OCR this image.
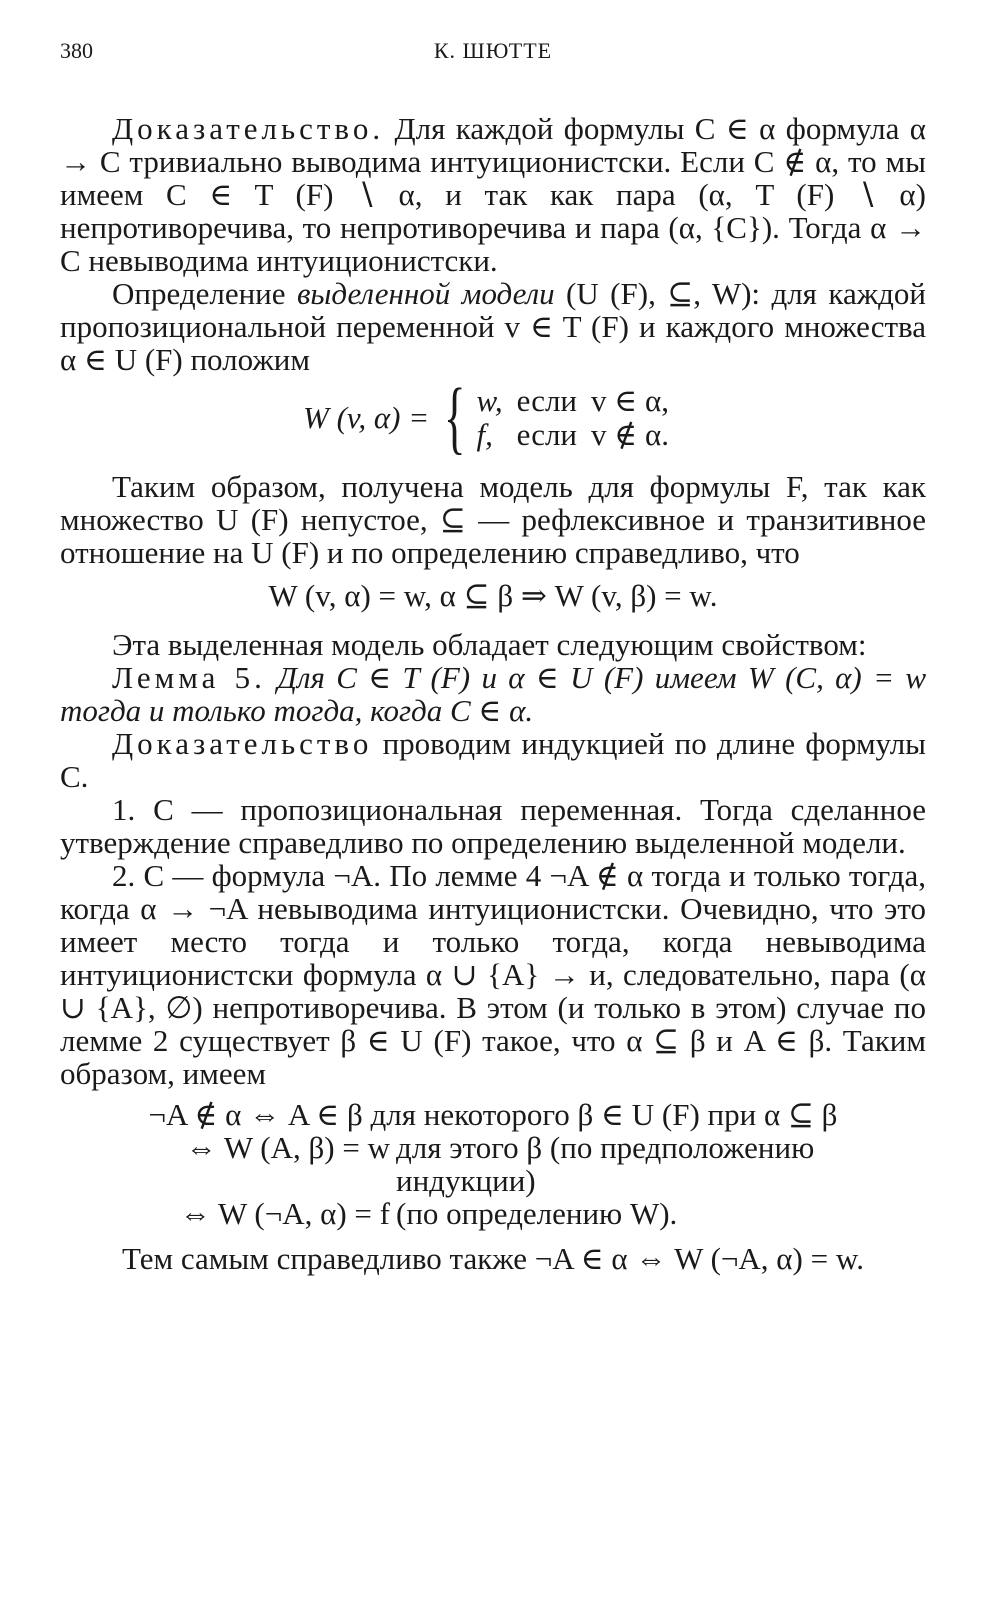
380	К. ШЮТТЕ

Доказательство. Для каждой формулы C ∈ α формула α → C тривиально выводима интуиционистски. Если C ∉ α, то мы имеем C ∈ T (F) ∖ α, и так как пара (α, T (F) ∖ α) непротиворечива, то непротиворечива и пара (α, {C}). Тогда α → C невыводима интуиционистски.

Определение выделенной модели (U (F), ⊆, W): для каждой пропозициональной переменной v ∈ T (F) и каждого множества α ∈ U (F) положим

W (v, α) = { w,	если	v ∈ α,
f,	если	v ∉ α.

Таким образом, получена модель для формулы F, так как множество U (F) непустое, ⊆ — рефлексивное и транзитивное отношение на U (F) и по определению справедливо, что

W (v, α) = w, α ⊆ β ⇒ W (v, β) = w.

Эта выделенная модель обладает следующим свойством:

Лемма 5. Для C ∈ T (F) и α ∈ U (F) имеем W (C, α) = w тогда и только тогда, когда C ∈ α.

Доказательство проводим индукцией по длине формулы C.

1. C — пропозициональная переменная. Тогда сделанное утверждение справедливо по определению выделенной модели.

2. C — формула ¬A. По лемме 4 ¬A ∉ α тогда и только тогда, когда α → ¬A невыводима интуиционистски. Очевидно, что это имеет место тогда и только тогда, когда невыводима интуиционистски формула α ∪ {A} → и, следовательно, пара (α ∪ {A}, ∅) непротиворечива. В этом (и только в этом) случае по лемме 2 существует β ∈ U (F) такое, что α ⊆ β и A ∈ β. Таким образом, имеем

¬A ∉ α ⇔ A ∈ β для некоторого β ∈ U (F) при α ⊆ β

⇔ W (A, β) = w для этого β (по предположению индукции)
⇔ W (¬A, α) = f (по определению W).

Тем самым справедливо также ¬A ∈ α ⇔ W (¬A, α) = w.
